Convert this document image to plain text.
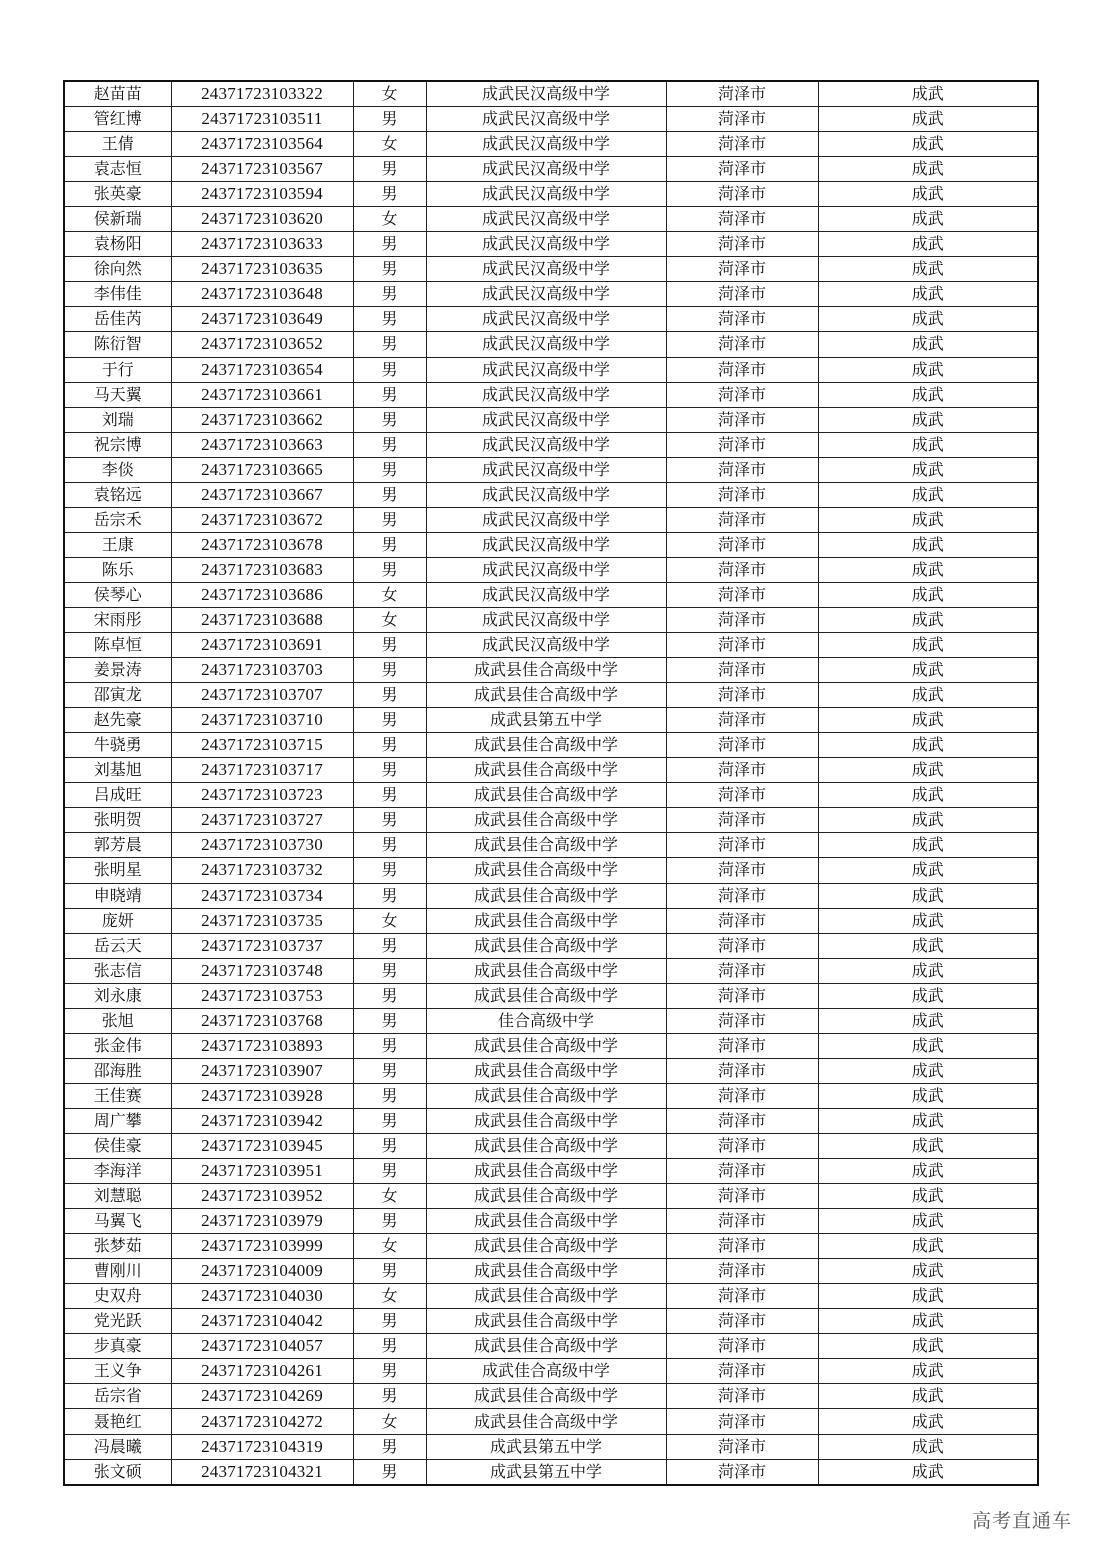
赵苗苗	24371723103322	女	成武民汉高级中学	菏泽市	成武
管红博	24371723103511	男	成武民汉高级中学	菏泽市	成武
王倩	24371723103564	女	成武民汉高级中学	菏泽市	成武
袁志恒	24371723103567	男	成武民汉高级中学	菏泽市	成武
张英豪	24371723103594	男	成武民汉高级中学	菏泽市	成武
侯新瑞	24371723103620	女	成武民汉高级中学	菏泽市	成武
袁杨阳	24371723103633	男	成武民汉高级中学	菏泽市	成武
徐向然	24371723103635	男	成武民汉高级中学	菏泽市	成武
李伟佳	24371723103648	男	成武民汉高级中学	菏泽市	成武
岳佳芮	24371723103649	男	成武民汉高级中学	菏泽市	成武
陈衍智	24371723103652	男	成武民汉高级中学	菏泽市	成武
于行	24371723103654	男	成武民汉高级中学	菏泽市	成武
马天翼	24371723103661	男	成武民汉高级中学	菏泽市	成武
刘瑞	24371723103662	男	成武民汉高级中学	菏泽市	成武
祝宗博	24371723103663	男	成武民汉高级中学	菏泽市	成武
李倓	24371723103665	男	成武民汉高级中学	菏泽市	成武
袁铭远	24371723103667	男	成武民汉高级中学	菏泽市	成武
岳宗禾	24371723103672	男	成武民汉高级中学	菏泽市	成武
王康	24371723103678	男	成武民汉高级中学	菏泽市	成武
陈乐	24371723103683	男	成武民汉高级中学	菏泽市	成武
侯琴心	24371723103686	女	成武民汉高级中学	菏泽市	成武
宋雨彤	24371723103688	女	成武民汉高级中学	菏泽市	成武
陈卓恒	24371723103691	男	成武民汉高级中学	菏泽市	成武
姜景涛	24371723103703	男	成武县佳合高级中学	菏泽市	成武
邵寅龙	24371723103707	男	成武县佳合高级中学	菏泽市	成武
赵先豪	24371723103710	男	成武县第五中学	菏泽市	成武
牛骁勇	24371723103715	男	成武县佳合高级中学	菏泽市	成武
刘基旭	24371723103717	男	成武县佳合高级中学	菏泽市	成武
吕成旺	24371723103723	男	成武县佳合高级中学	菏泽市	成武
张明贺	24371723103727	男	成武县佳合高级中学	菏泽市	成武
郭芳晨	24371723103730	男	成武县佳合高级中学	菏泽市	成武
张明星	24371723103732	男	成武县佳合高级中学	菏泽市	成武
申晓靖	24371723103734	男	成武县佳合高级中学	菏泽市	成武
庞妍	24371723103735	女	成武县佳合高级中学	菏泽市	成武
岳云天	24371723103737	男	成武县佳合高级中学	菏泽市	成武
张志信	24371723103748	男	成武县佳合高级中学	菏泽市	成武
刘永康	24371723103753	男	成武县佳合高级中学	菏泽市	成武
张旭	24371723103768	男	佳合高级中学	菏泽市	成武
张金伟	24371723103893	男	成武县佳合高级中学	菏泽市	成武
邵海胜	24371723103907	男	成武县佳合高级中学	菏泽市	成武
王佳赛	24371723103928	男	成武县佳合高级中学	菏泽市	成武
周广攀	24371723103942	男	成武县佳合高级中学	菏泽市	成武
侯佳豪	24371723103945	男	成武县佳合高级中学	菏泽市	成武
李海洋	24371723103951	男	成武县佳合高级中学	菏泽市	成武
刘慧聪	24371723103952	女	成武县佳合高级中学	菏泽市	成武
马翼飞	24371723103979	男	成武县佳合高级中学	菏泽市	成武
张梦茹	24371723103999	女	成武县佳合高级中学	菏泽市	成武
曹刚川	24371723104009	男	成武县佳合高级中学	菏泽市	成武
史双舟	24371723104030	女	成武县佳合高级中学	菏泽市	成武
党光跃	24371723104042	男	成武县佳合高级中学	菏泽市	成武
步真豪	24371723104057	男	成武县佳合高级中学	菏泽市	成武
王义争	24371723104261	男	成武佳合高级中学	菏泽市	成武
岳宗省	24371723104269	男	成武县佳合高级中学	菏泽市	成武
聂艳红	24371723104272	女	成武县佳合高级中学	菏泽市	成武
冯晨曦	24371723104319	男	成武县第五中学	菏泽市	成武
张文硕	24371723104321	男	成武县第五中学	菏泽市	成武
高考直通车
